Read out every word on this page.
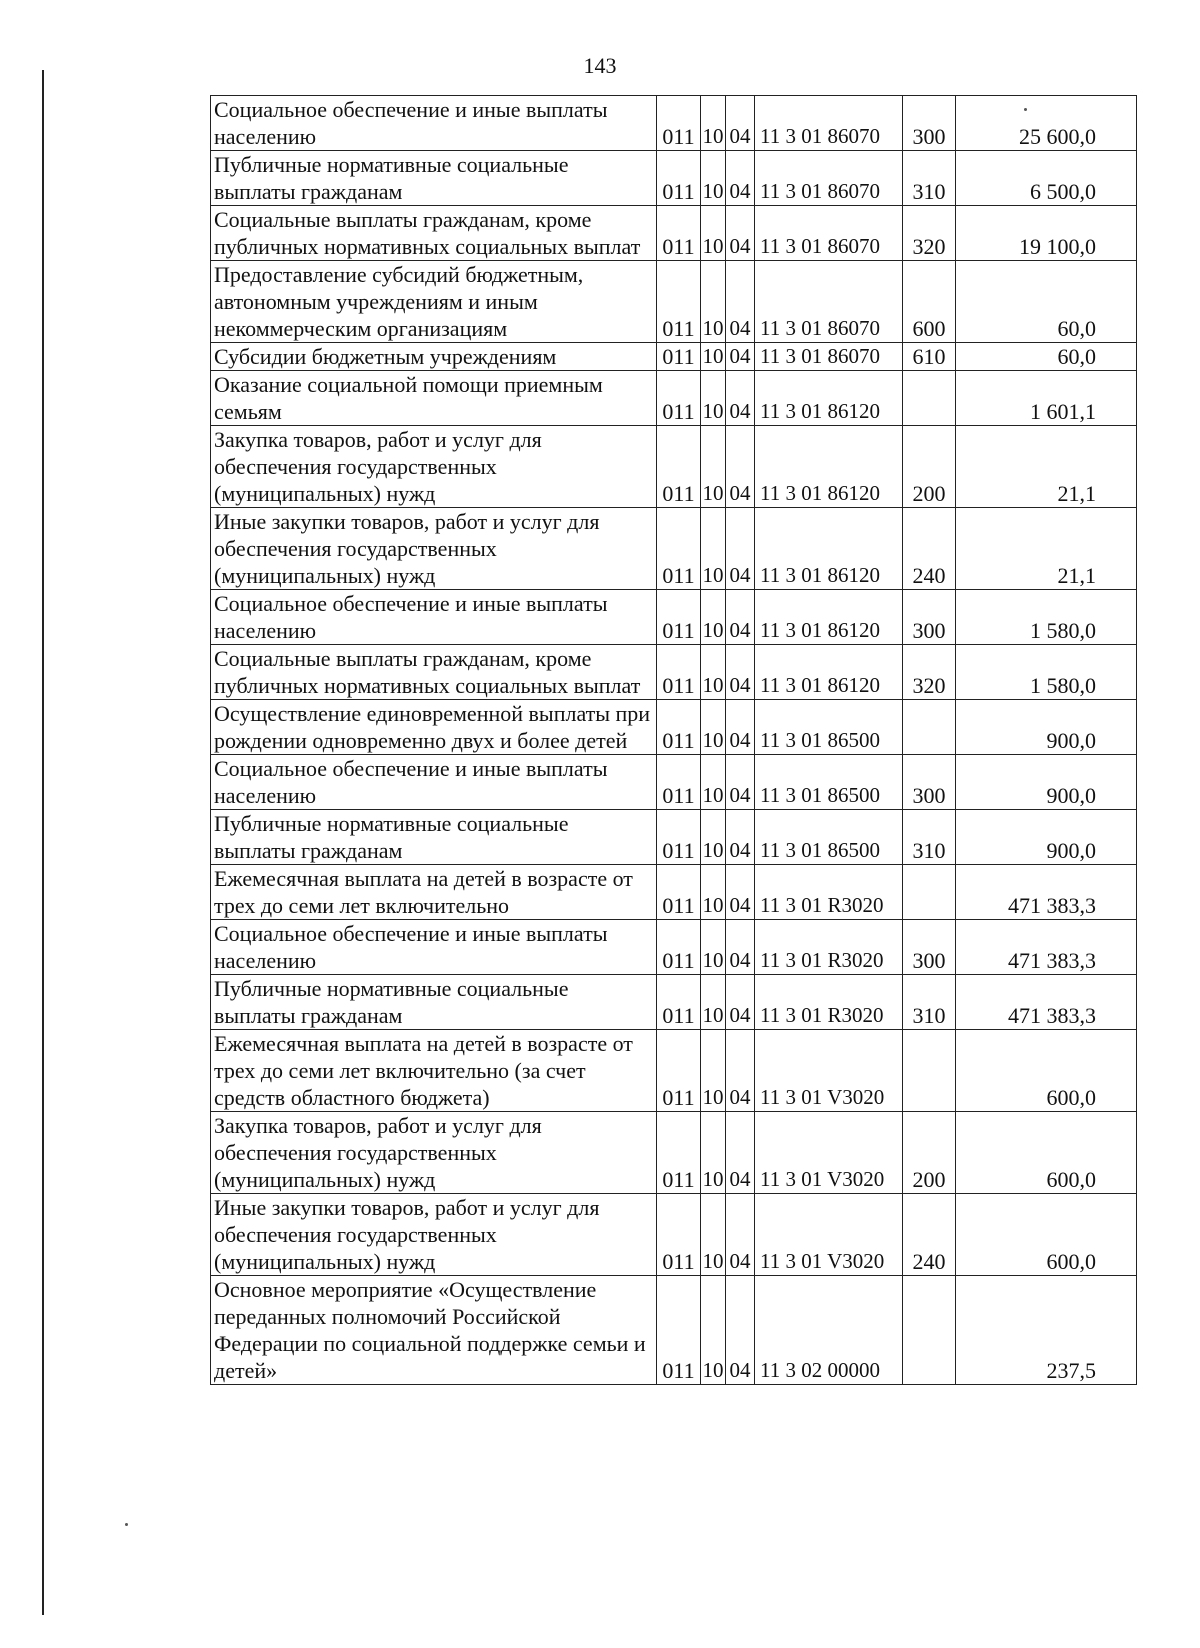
143
Социальное обеспечение и иные выплаты населению	011	10	04	11 3 01 86070	300	25 600,0
Публичные нормативные социальные выплаты гражданам	011	10	04	11 3 01 86070	310	6 500,0
Социальные выплаты гражданам, кроме публичных нормативных социальных выплат	011	10	04	11 3 01 86070	320	19 100,0
Предоставление субсидий бюджетным, автономным учреждениям и иным некоммерческим организациям	011	10	04	11 3 01 86070	600	60,0
Субсидии бюджетным учреждениям	011	10	04	11 3 01 86070	610	60,0
Оказание социальной помощи приемным семьям	011	10	04	11 3 01 86120		1 601,1
Закупка товаров, работ и услуг для обеспечения государственных (муниципальных) нужд	011	10	04	11 3 01 86120	200	21,1
Иные закупки товаров, работ и услуг для обеспечения государственных (муниципальных) нужд	011	10	04	11 3 01 86120	240	21,1
Социальное обеспечение и иные выплаты населению	011	10	04	11 3 01 86120	300	1 580,0
Социальные выплаты гражданам, кроме публичных нормативных социальных выплат	011	10	04	11 3 01 86120	320	1 580,0
Осуществление единовременной выплаты при рождении одновременно двух и более детей	011	10	04	11 3 01 86500		900,0
Социальное обеспечение и иные выплаты населению	011	10	04	11 3 01 86500	300	900,0
Публичные нормативные социальные выплаты гражданам	011	10	04	11 3 01 86500	310	900,0
Ежемесячная выплата на детей в возрасте от трех до семи лет включительно	011	10	04	11 3 01 R3020		471 383,3
Социальное обеспечение и иные выплаты населению	011	10	04	11 3 01 R3020	300	471 383,3
Публичные нормативные социальные выплаты гражданам	011	10	04	11 3 01 R3020	310	471 383,3
Ежемесячная выплата на детей в возрасте от трех до семи лет включительно (за счет средств областного бюджета)	011	10	04	11 3 01 V3020		600,0
Закупка товаров, работ и услуг для обеспечения государственных (муниципальных) нужд	011	10	04	11 3 01 V3020	200	600,0
Иные закупки товаров, работ и услуг для обеспечения государственных (муниципальных) нужд	011	10	04	11 3 01 V3020	240	600,0
Основное мероприятие «Осуществление переданных полномочий Российской Федерации по социальной поддержке семьи и детей»	011	10	04	11 3 02 00000		237,5
